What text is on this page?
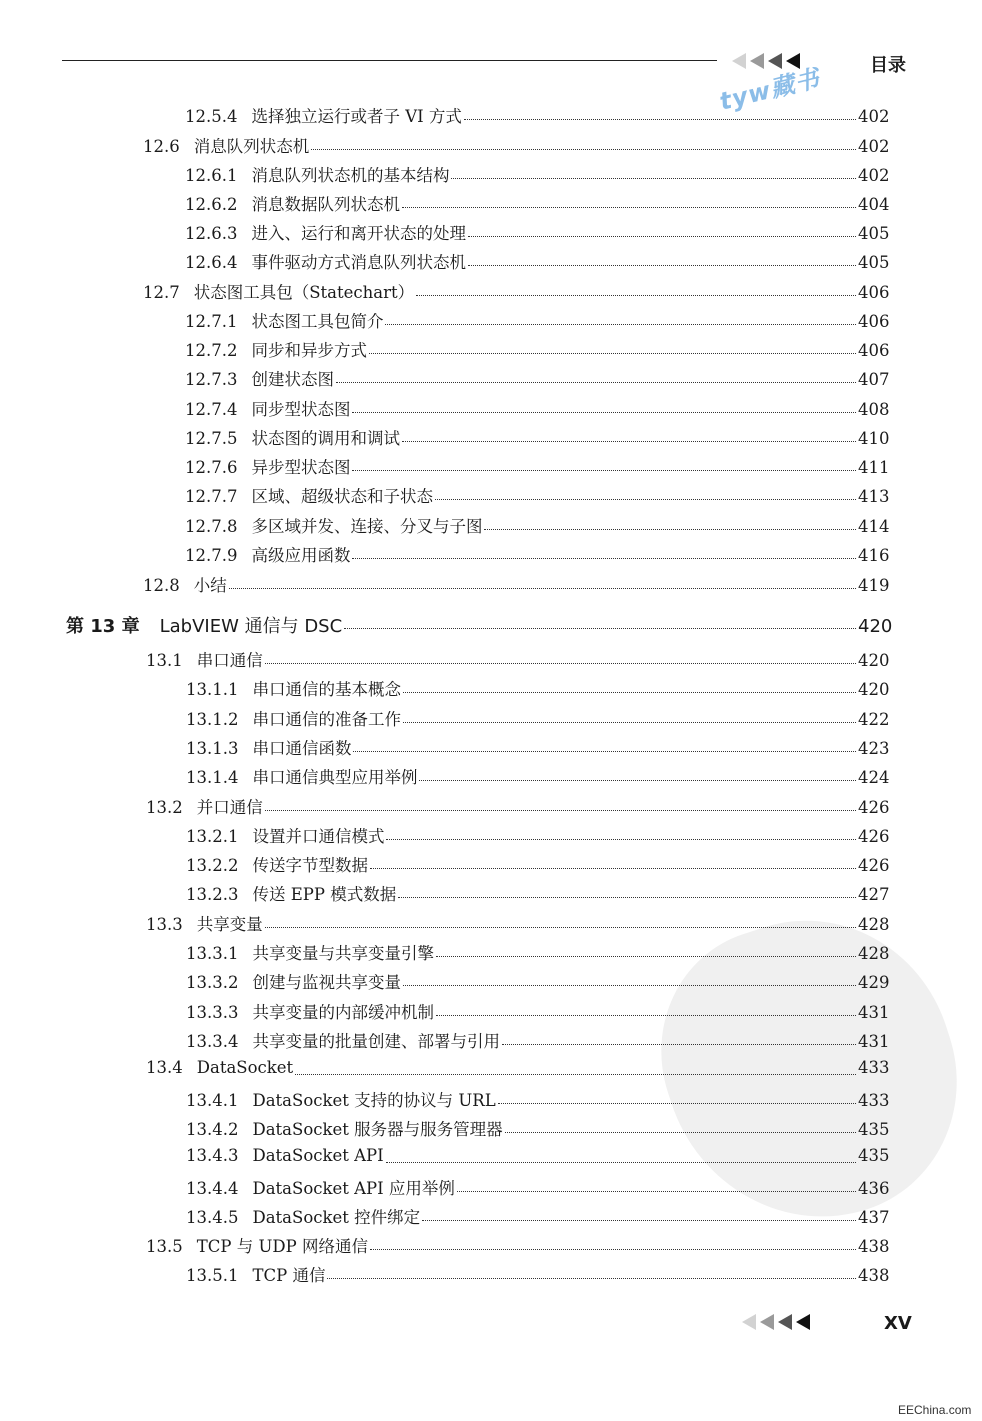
目录
tyw藏书
PDG
12.5.4 选择独立运行或者子 VI 方式	402
12.6 消息队列状态机	402
12.6.1 消息队列状态机的基本结构	402
12.6.2 消息数据队列状态机	404
12.6.3 进入、运行和离开状态的处理	405
12.6.4 事件驱动方式消息队列状态机	405
12.7 状态图工具包（Statechart）	406
12.7.1 状态图工具包简介	406
12.7.2 同步和异步方式	406
12.7.3 创建状态图	407
12.7.4 同步型状态图	408
12.7.5 状态图的调用和调试	410
12.7.6 异步型状态图	411
12.7.7 区域、超级状态和子状态	413
12.7.8 多区域并发、连接、分叉与子图	414
12.7.9 高级应用函数	416
12.8 小结	419
第 13 章 LabVIEW 通信与 DSC	420
13.1 串口通信	420
13.1.1 串口通信的基本概念	420
13.1.2 串口通信的准备工作	422
13.1.3 串口通信函数	423
13.1.4 串口通信典型应用举例	424
13.2 并口通信	426
13.2.1 设置并口通信模式	426
13.2.2 传送字节型数据	426
13.2.3 传送 EPP 模式数据	427
13.3 共享变量	428
13.3.1 共享变量与共享变量引擎	428
13.3.2 创建与监视共享变量	429
13.3.3 共享变量的内部缓冲机制	431
13.3.4 共享变量的批量创建、部署与引用	431
13.4 DataSocket	433
13.4.1 DataSocket 支持的协议与 URL	433
13.4.2 DataSocket 服务器与服务管理器	435
13.4.3 DataSocket API	435
13.4.4 DataSocket API 应用举例	436
13.4.5 DataSocket 控件绑定	437
13.5 TCP 与 UDP 网络通信	438
13.5.1 TCP 通信	438
XV
EEChina.com
